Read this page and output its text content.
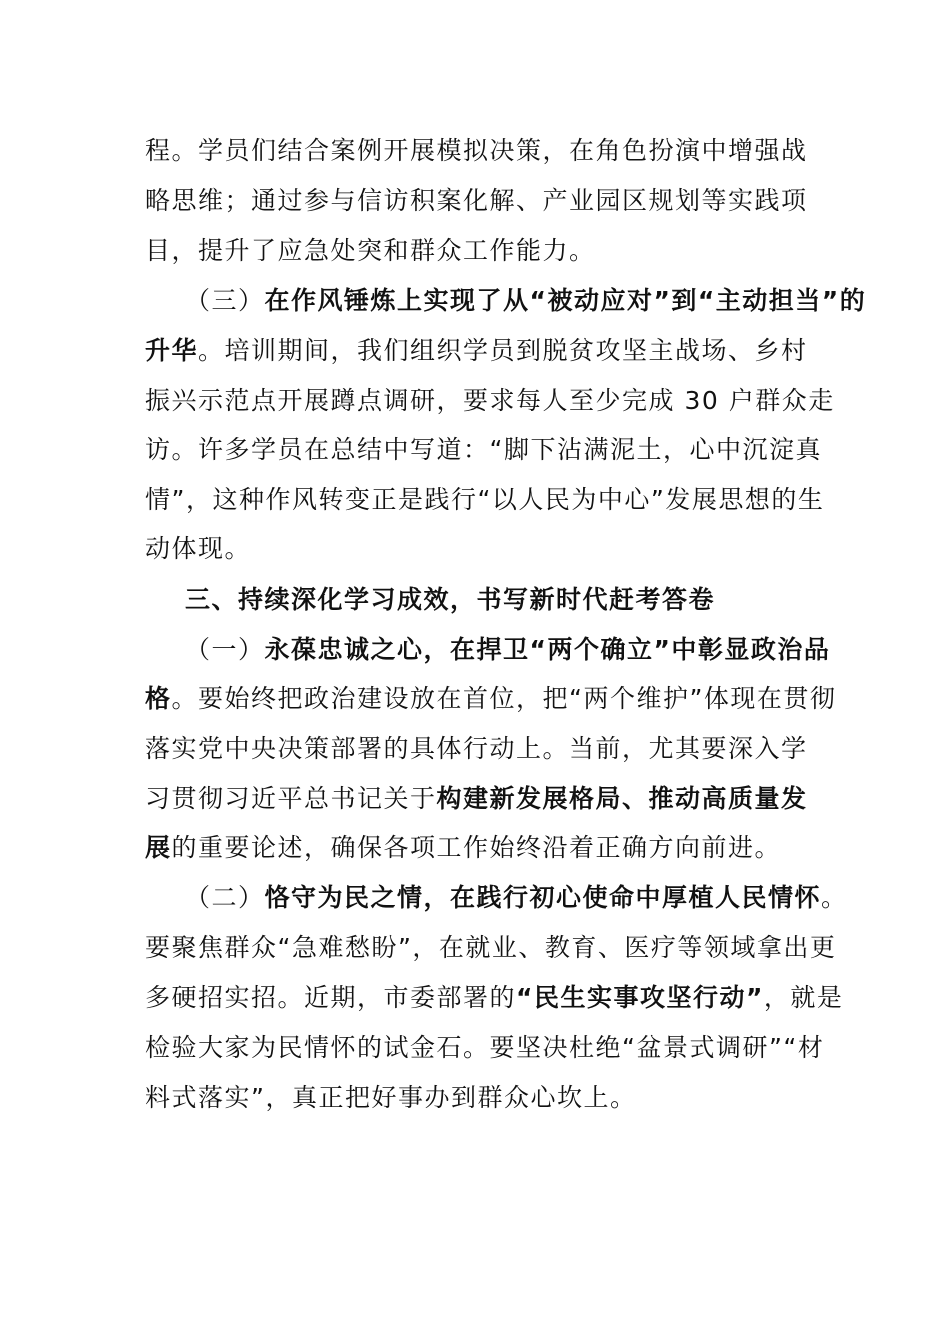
程。学员们结合案例开展模拟决策，在角色扮演中增强战
略思维；通过参与信访积案化解、产业园区规划等实践项
目，提升了应急处突和群众工作能力。
（三）在作风锤炼上实现了从“被动应对”到“主动担当”的
升华。培训期间，我们组织学员到脱贫攻坚主战场、乡村
振兴示范点开展蹲点调研，要求每人至少完成 30 户群众走
访。许多学员在总结中写道：“脚下沾满泥土，心中沉淀真
情”，这种作风转变正是践行“以人民为中心”发展思想的生
动体现。
三、持续深化学习成效，书写新时代赶考答卷
（一）永葆忠诚之心，在捍卫“两个确立”中彰显政治品
格。要始终把政治建设放在首位，把“两个维护”体现在贯彻
落实党中央决策部署的具体行动上。当前，尤其要深入学
习贯彻习近平总书记关于构建新发展格局、推动高质量发
展的重要论述，确保各项工作始终沿着正确方向前进。
（二）恪守为民之情，在践行初心使命中厚植人民情怀。
要聚焦群众“急难愁盼”，在就业、教育、医疗等领域拿出更
多硬招实招。近期，市委部署的“民生实事攻坚行动”，就是
检验大家为民情怀的试金石。要坚决杜绝“盆景式调研”“材
料式落实”，真正把好事办到群众心坎上。
